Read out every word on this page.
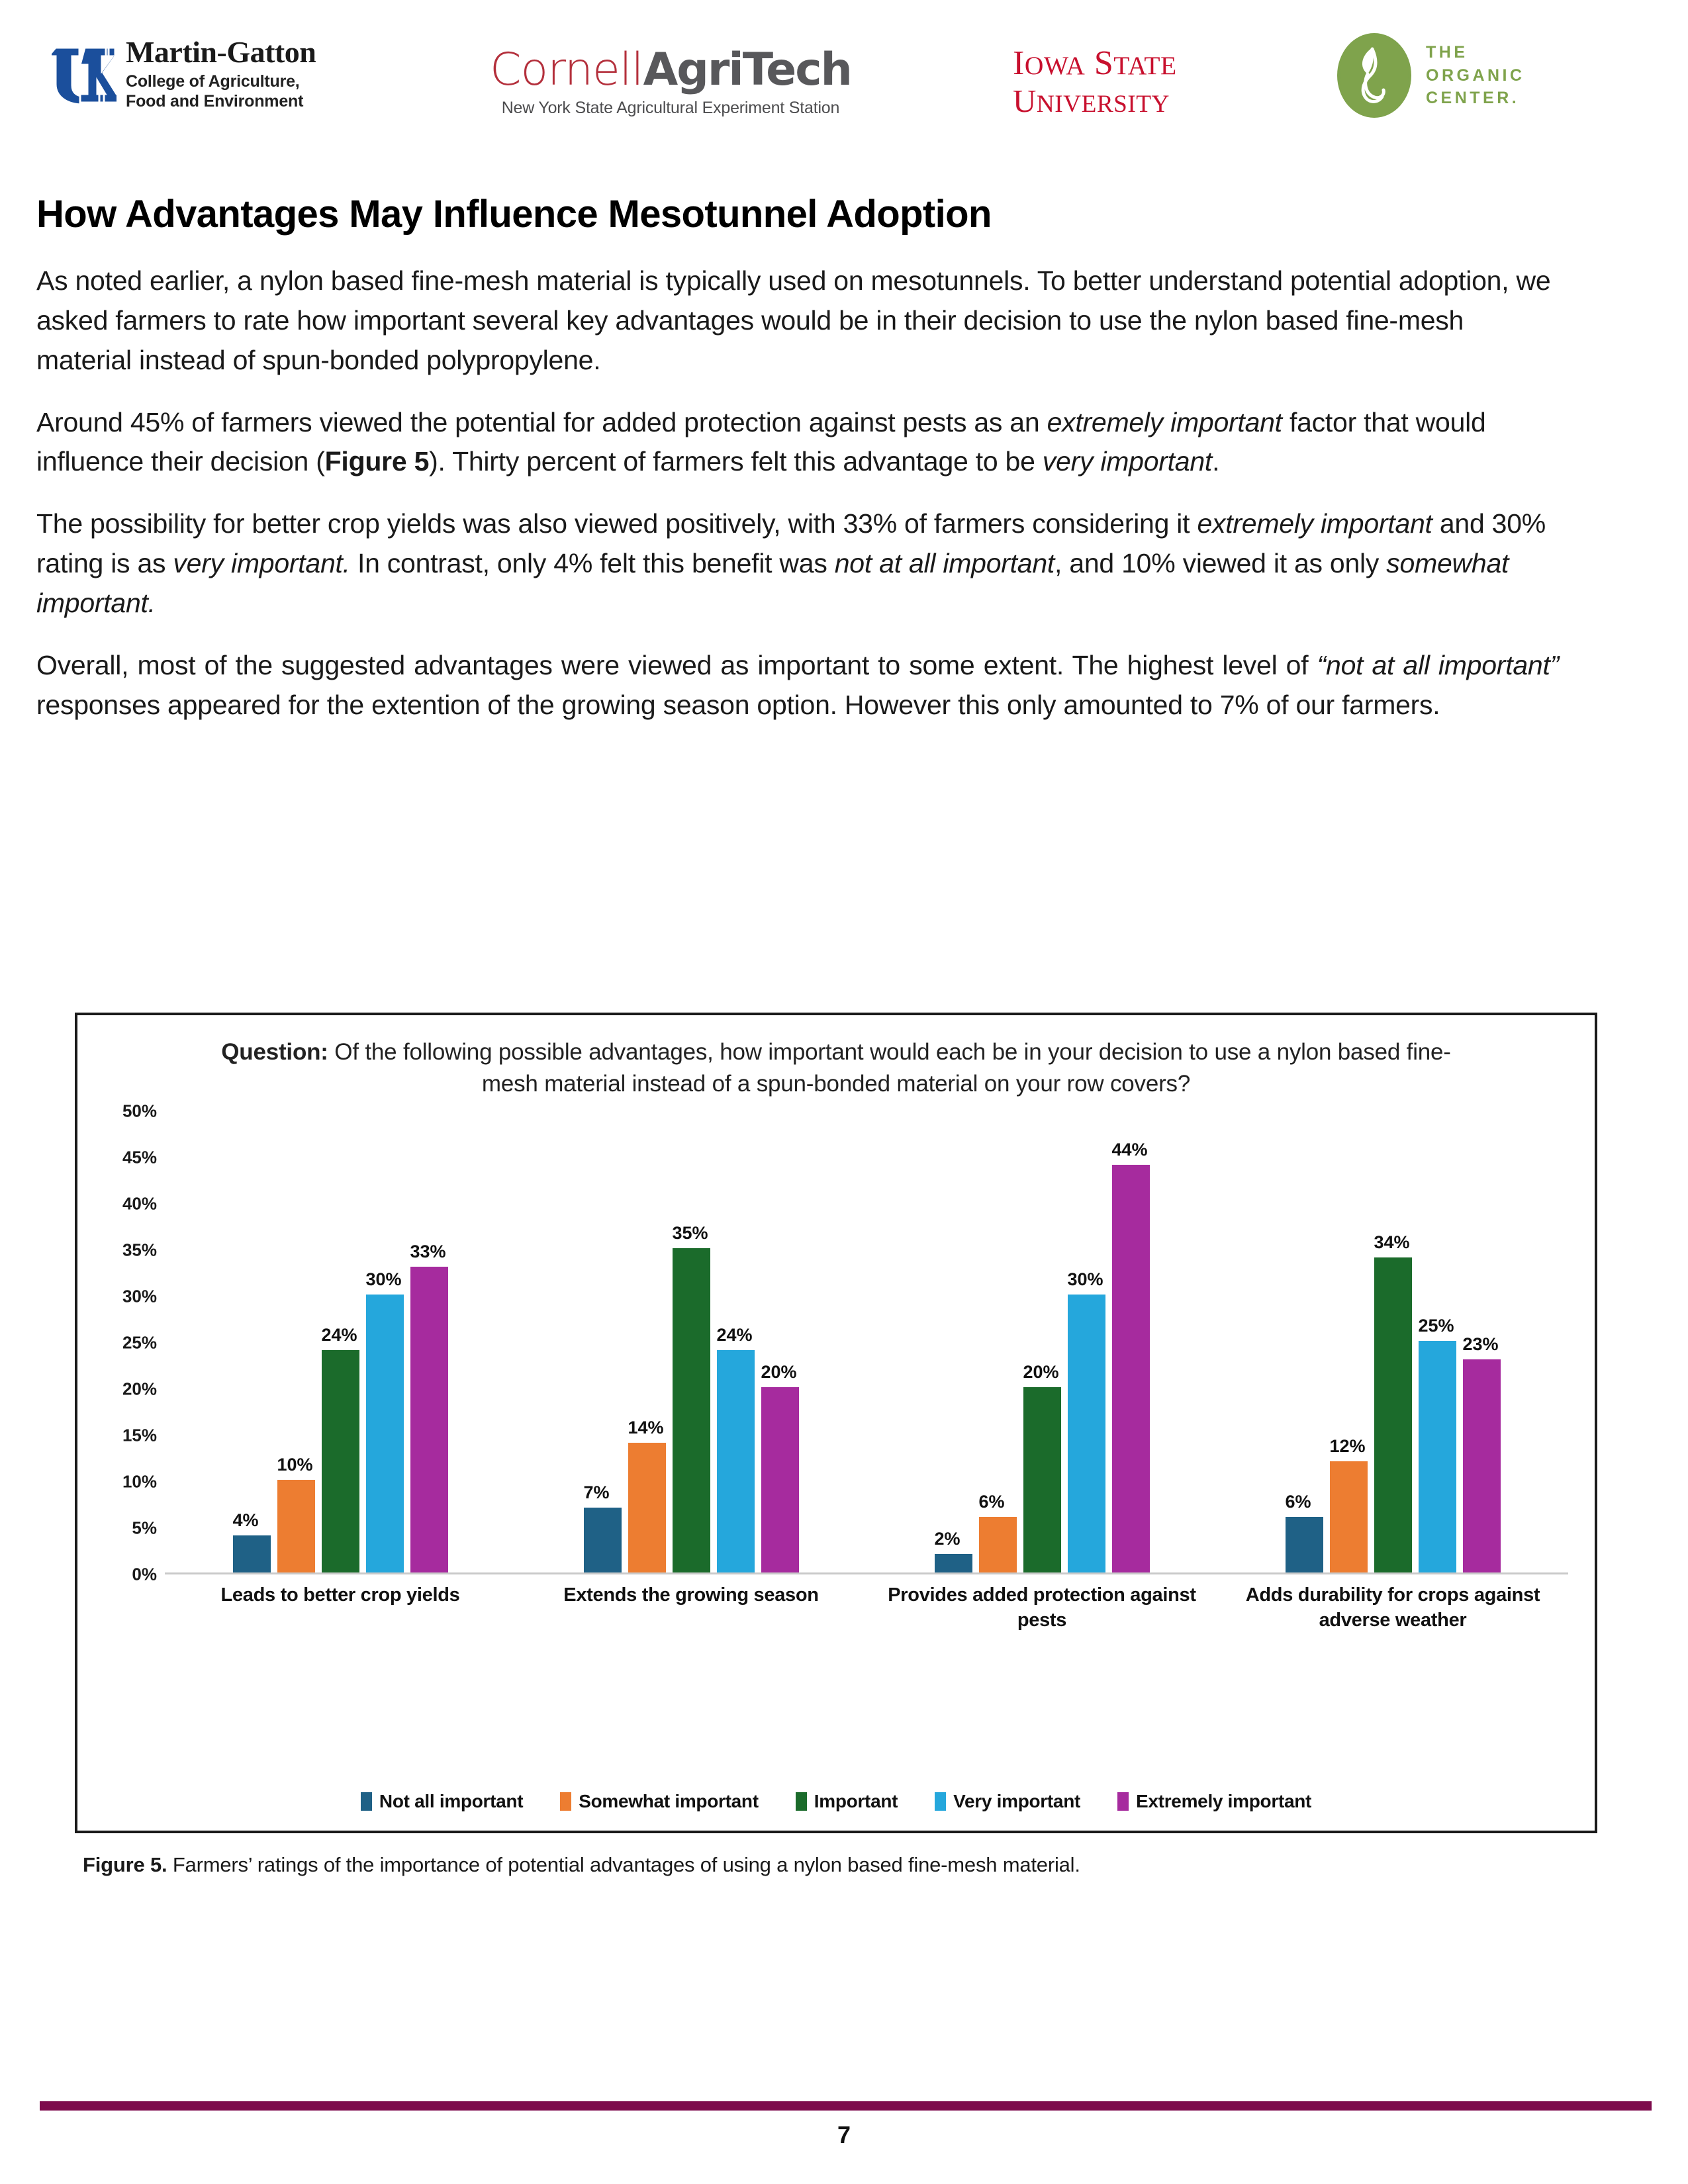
Martin-Gatton
College of Agriculture,
Food and Environment
Cornell AgriTech
New York State Agricultural Experiment Station
IOWA STATE
UNIVERSITY
THE
ORGANIC
CENTER.
How Advantages May Influence Mesotunnel Adoption

As noted earlier, a nylon based fine-mesh material is typically used on mesotunnels. To better understand potential adoption, we asked farmers to rate how important several key advantages would be in their decision to use the nylon based fine-mesh material instead of spun-bonded polypropylene.

Around 45% of farmers viewed the potential for added protection against pests as an extremely important factor that would influence their decision (Figure 5). Thirty percent of farmers felt this advantage to be very important.

The possibility for better crop yields was also viewed positively, with 33% of farmers considering it extremely important and 30% rating is as very important. In contrast, only 4% felt this benefit was not at all important, and 10% viewed it as only somewhat important.

Overall, most of the suggested advantages were viewed as important to some extent. The highest level of “not at all important” responses appeared for the extention of the growing season option. However this only amounted to 7% of our farmers.

Question: Of the following possible advantages, how important would each be in your decision to use a nylon based fine-mesh material instead of a spun-bonded material on your row covers?
50%
45%
40%
35%
30%
25%
20%
15%
10%
5%
0%
4%
10%
24%
30%
33%
7%
14%
35%
24%
20%
2%
6%
20%
30%
44%
6%
12%
34%
25%
23%
Leads to better crop yields	Extends the growing season	Provides added protection against pests
Adds durability for crops against adverse weather
Not all important	Somewhat important	Important	Very important	Extremely important
Figure 5. Farmers’ ratings of the importance of potential advantages of using a nylon based fine-mesh material.
7
